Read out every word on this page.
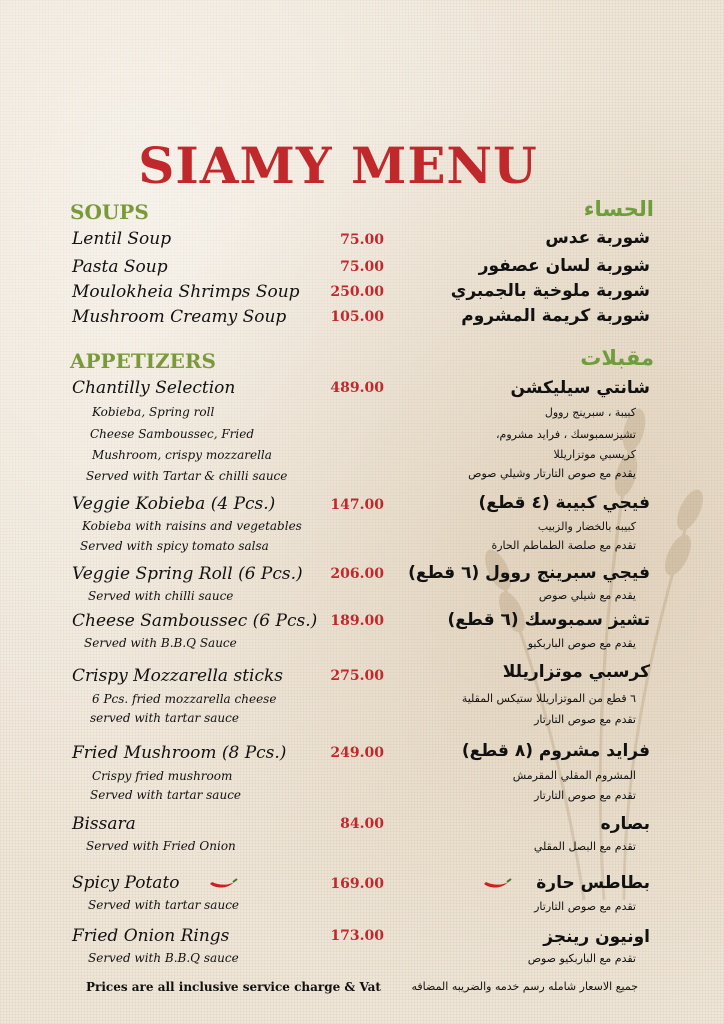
SIAMY MENU
SOUPS	الحساء
Lentil Soup	75.00	شوربة عدس
Pasta Soup	75.00	شوربة لسان عصفور
Moulokheia Shrimps Soup 250.00	شوربة ملوخية بالجمبري
Mushroom Creamy Soup	105.00	شوربة كريمة المشروم
APPETIZERS	مقبلات
Chantilly Selection	489.00	شانتي سيليكشن
Kobieba, Spring roll
Cheese Samboussec, Fried
Mushroom, crispy mozzarella
Served with Tartar & chilli sauce
كبيبة ، سبرينج روول
تشيزسمبوسك ، فرايد مشروم،
كريسبي موتزاريللا
يقدم مع صوص التارتار وشيلي صوص
Veggie Kobieba (4 Pcs.)	147.00	فيجي كبيبة (٤ قطع)
Kobieba with raisins and vegetables
Served with spicy tomato salsa
كبيبه بالخضار والزبيب
تقدم مع صلصة الطماطم الحارة
Veggie Spring Roll (6 Pcs.) 206.00 فيجي سبرينج روول (٦ قطع)
Served with chilli sauce	يقدم مع شيلي صوص
Cheese Samboussec (6 Pcs.) 189.00	تشيز سمبوسك (٦ قطع)
Served with B.B.Q Sauce	يقدم مع صوص الباربكيو
Crispy Mozzarella sticks	275.00	كرسبي موتزاريللا
6 Pcs. fried mozzarella cheese
served with tartar sauce
٦ قطع من الموتزاريللا ستيكس المقلية
تقدم مع صوص التارتار
Fried Mushroom (8 Pcs.)	249.00	فرايد مشروم (٨ قطع)
Crispy fried mushroom
Served with tartar sauce
المشروم المقلي المقرمش
تقدم مع صوص التارتار
Bissara	84.00	بصاره
Served with Fried Onion	تقدم مع البصل المقلي
Spicy Potato	169.00	بطاطس حارة
Served with tartar sauce	تقدم مع صوص التارتار
Fried Onion Rings	173.00	اونيون رينجز
Served with B.B.Q sauce	تقدم مع الباربكيو صوص
Prices are all inclusive service charge & Vat	جميع الاسعار شامله رسم خدمه والضريبه المضافه
